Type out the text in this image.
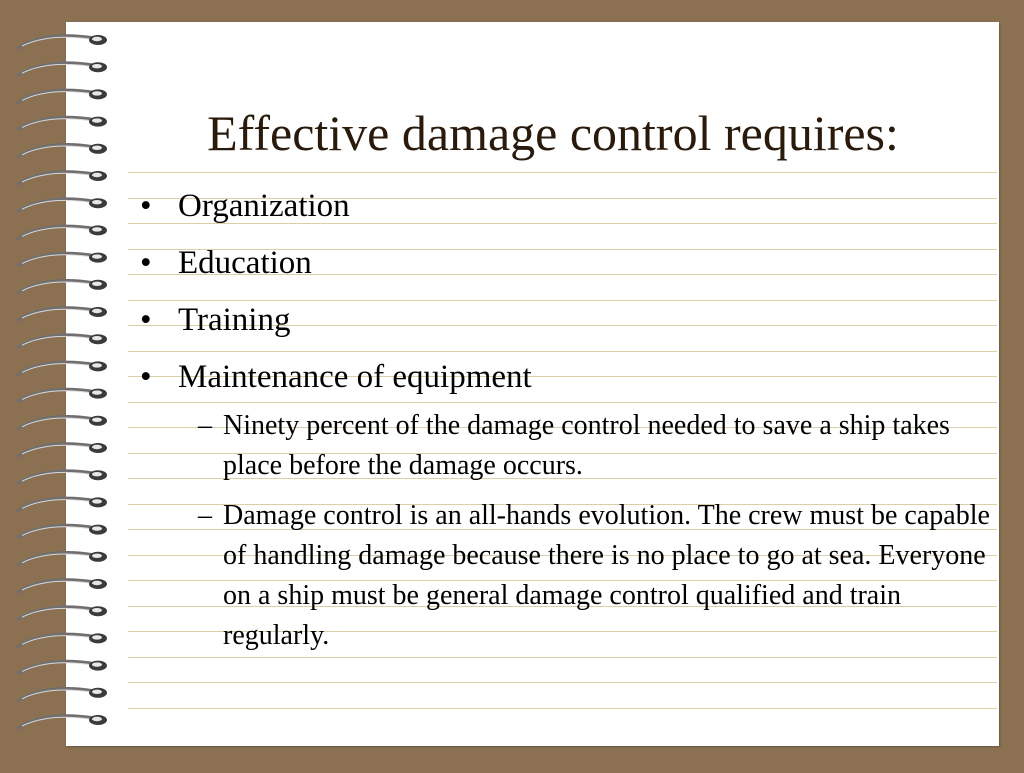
Effective damage control requires:
• Organization
• Education
• Training
• Maintenance of equipment
– Ninety percent of the damage control needed to save a ship takes place before the damage occurs.
– Damage control is an all-hands evolution. The crew must be capable of handling damage because there is no place to go at sea. Everyone on a ship must be general damage control qualified and train regularly.
